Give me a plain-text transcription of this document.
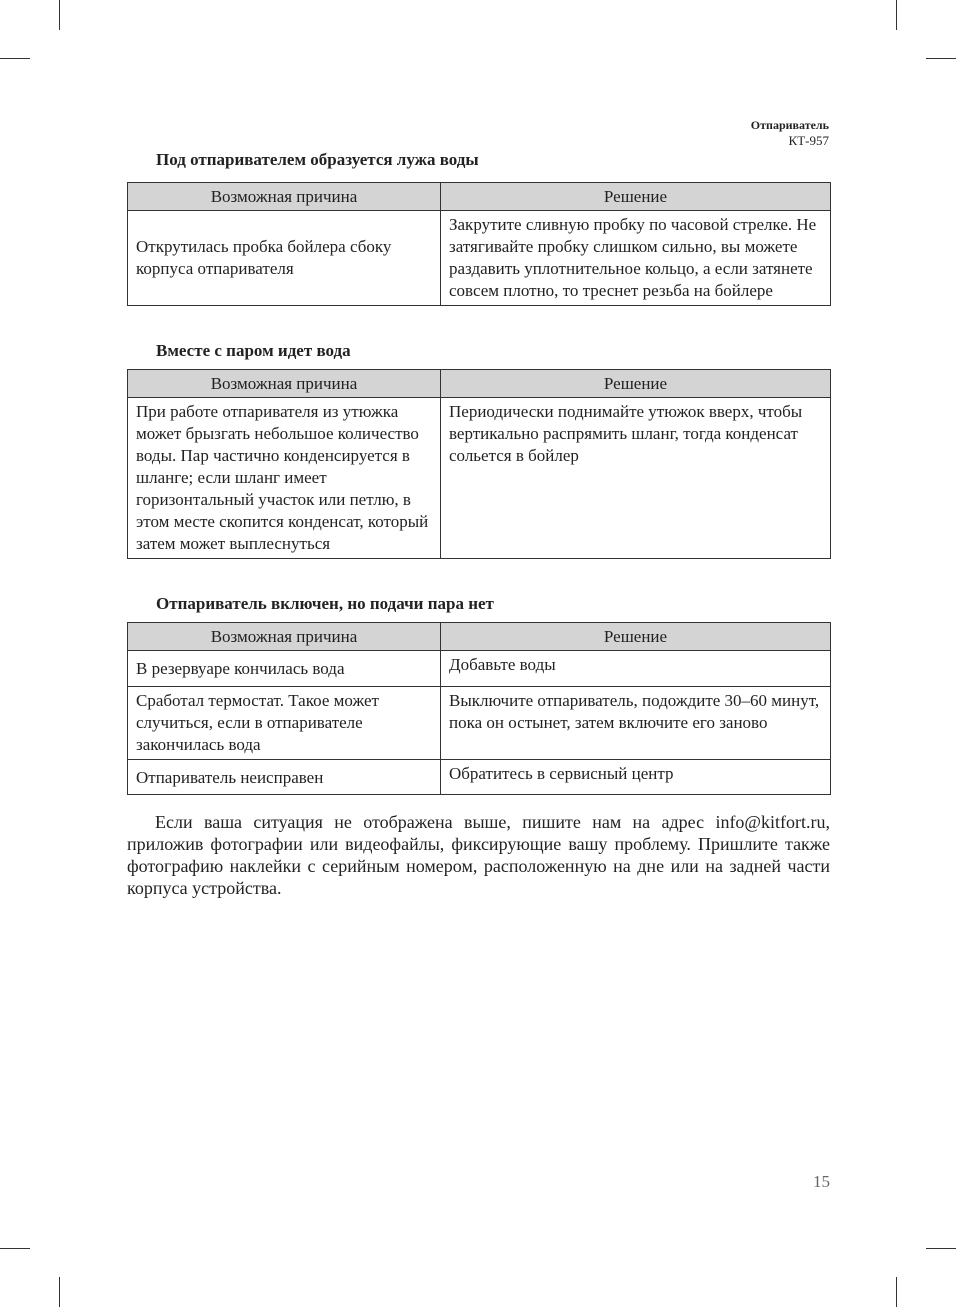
Отпариватель
КТ-957
Под отпаривателем образуется лужа воды
Возможная причина	Решение
Открутилась пробка бойлера сбоку корпуса отпаривателя	Закрутите сливную пробку по часовой стрелке. Не затягивайте пробку слишком сильно, вы можете раздавить уплотнительное кольцо, а если затянете совсем плотно, то треснет резьба на бойлере
Вместе с паром идет вода
Возможная причина	Решение
При работе отпаривателя из утюжка может брызгать небольшое количество воды. Пар частично конденсируется в шланге; если шланг имеет горизонтальный участок или петлю, в этом месте скопится конденсат, который затем может выплеснуться	Периодически поднимайте утюжок вверх, чтобы вертикально распрямить шланг, тогда конденсат сольется в бойлер
Отпариватель включен, но подачи пара нет
Возможная причина	Решение
В резервуаре кончилась вода	Добавьте воды
Сработал термостат. Такое может случиться, если в отпаривателе закончилась вода	Выключите отпариватель, подождите 30–60 минут, пока он остынет, затем включите его заново
Отпариватель неисправен	Обратитесь в сервисный центр

Если ваша ситуация не отображена выше, пишите нам на адрес info@kitfort.ru, приложив фотографии или видеофайлы, фиксирующие вашу проблему. Пришлите также фотографию наклейки с серийным номером, расположенную на дне или на задней части корпуса устройства.

15
